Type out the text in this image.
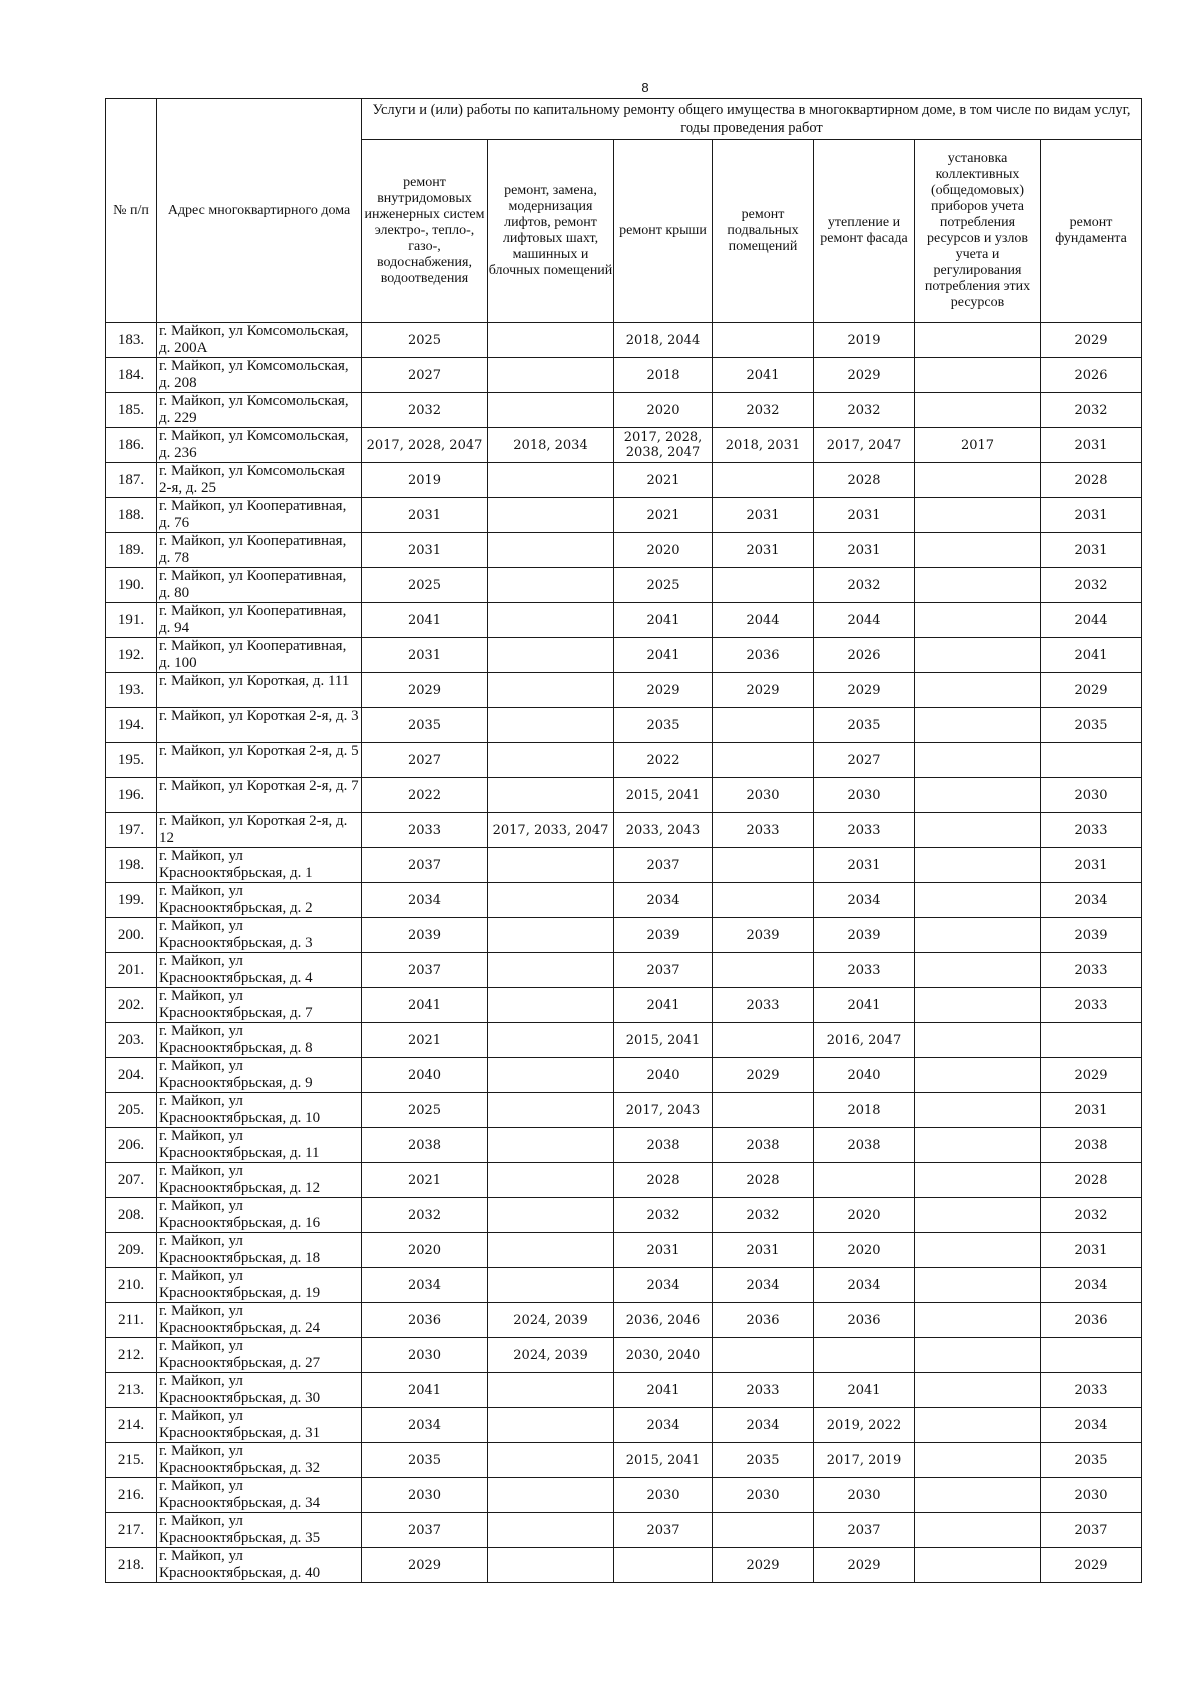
8
№ п/п	Адрес многоквартирного дома	Услуги и (или) работы по капитальному ремонту общего имущества в многоквартирном доме, в том числе по видам услуг, годы проведения работ						
		ремонт внутридомовых инженерных систем электро-, тепло-, газо-, водоснабжения, водоотведения	ремонт, замена, модернизация лифтов, ремонт лифтовых шахт, машинных и блочных помещений	ремонт крыши	ремонт подвальных помещений	утепление и ремонт фасада	установка коллективных (общедомовых) приборов учета потребления ресурсов и узлов учета и регулирования потребления этих ресурсов	ремонт фундамента
183.	г. Майкоп, ул Комсомольская, д. 200А	2025		2018, 2044		2019		2029
184.	г. Майкоп, ул Комсомольская, д. 208	2027		2018	2041	2029		2026
185.	г. Майкоп, ул Комсомольская, д. 229	2032		2020	2032	2032		2032
186.	г. Майкоп, ул Комсомольская, д. 236	2017, 2028, 2047	2018, 2034	2017, 2028, 2038, 2047	2018, 2031	2017, 2047	2017	2031
187.	г. Майкоп, ул Комсомольская 2-я, д. 25	2019		2021		2028		2028
188.	г. Майкоп, ул Кооперативная, д. 76	2031		2021	2031	2031		2031
189.	г. Майкоп, ул Кооперативная, д. 78	2031		2020	2031	2031		2031
190.	г. Майкоп, ул Кооперативная, д. 80	2025		2025		2032		2032
191.	г. Майкоп, ул Кооперативная, д. 94	2041		2041	2044	2044		2044
192.	г. Майкоп, ул Кооперативная, д. 100	2031		2041	2036	2026		2041
193.	г. Майкоп, ул Короткая, д. 111	2029		2029	2029	2029		2029
194.	г. Майкоп, ул Короткая 2-я, д. 3	2035		2035		2035		2035
195.	г. Майкоп, ул Короткая 2-я, д. 5	2027		2022		2027		
196.	г. Майкоп, ул Короткая 2-я, д. 7	2022		2015, 2041	2030	2030		2030
197.	г. Майкоп, ул Короткая 2-я, д. 12	2033	2017, 2033, 2047	2033, 2043	2033	2033		2033
198.	г. Майкоп, ул Краснооктябрьская, д. 1	2037		2037		2031		2031
199.	г. Майкоп, ул Краснооктябрьская, д. 2	2034		2034		2034		2034
200.	г. Майкоп, ул Краснооктябрьская, д. 3	2039		2039	2039	2039		2039
201.	г. Майкоп, ул Краснооктябрьская, д. 4	2037		2037		2033		2033
202.	г. Майкоп, ул Краснооктябрьская, д. 7	2041		2041	2033	2041		2033
203.	г. Майкоп, ул Краснооктябрьская, д. 8	2021		2015, 2041		2016, 2047		
204.	г. Майкоп, ул Краснооктябрьская, д. 9	2040		2040	2029	2040		2029
205.	г. Майкоп, ул Краснооктябрьская, д. 10	2025		2017, 2043		2018		2031
206.	г. Майкоп, ул Краснооктябрьская, д. 11	2038		2038	2038	2038		2038
207.	г. Майкоп, ул Краснооктябрьская, д. 12	2021		2028	2028			2028
208.	г. Майкоп, ул Краснооктябрьская, д. 16	2032		2032	2032	2020		2032
209.	г. Майкоп, ул Краснооктябрьская, д. 18	2020		2031	2031	2020		2031
210.	г. Майкоп, ул Краснооктябрьская, д. 19	2034		2034	2034	2034		2034
211.	г. Майкоп, ул Краснооктябрьская, д. 24	2036	2024, 2039	2036, 2046	2036	2036		2036
212.	г. Майкоп, ул Краснооктябрьская, д. 27	2030	2024, 2039	2030, 2040				
213.	г. Майкоп, ул Краснооктябрьская, д. 30	2041		2041	2033	2041		2033
214.	г. Майкоп, ул Краснооктябрьская, д. 31	2034		2034	2034	2019, 2022		2034
215.	г. Майкоп, ул Краснооктябрьская, д. 32	2035		2015, 2041	2035	2017, 2019		2035
216.	г. Майкоп, ул Краснооктябрьская, д. 34	2030		2030	2030	2030		2030
217.	г. Майкоп, ул Краснооктябрьская, д. 35	2037		2037		2037		2037
218.	г. Майкоп, ул Краснооктябрьская, д. 40	2029			2029	2029		2029
